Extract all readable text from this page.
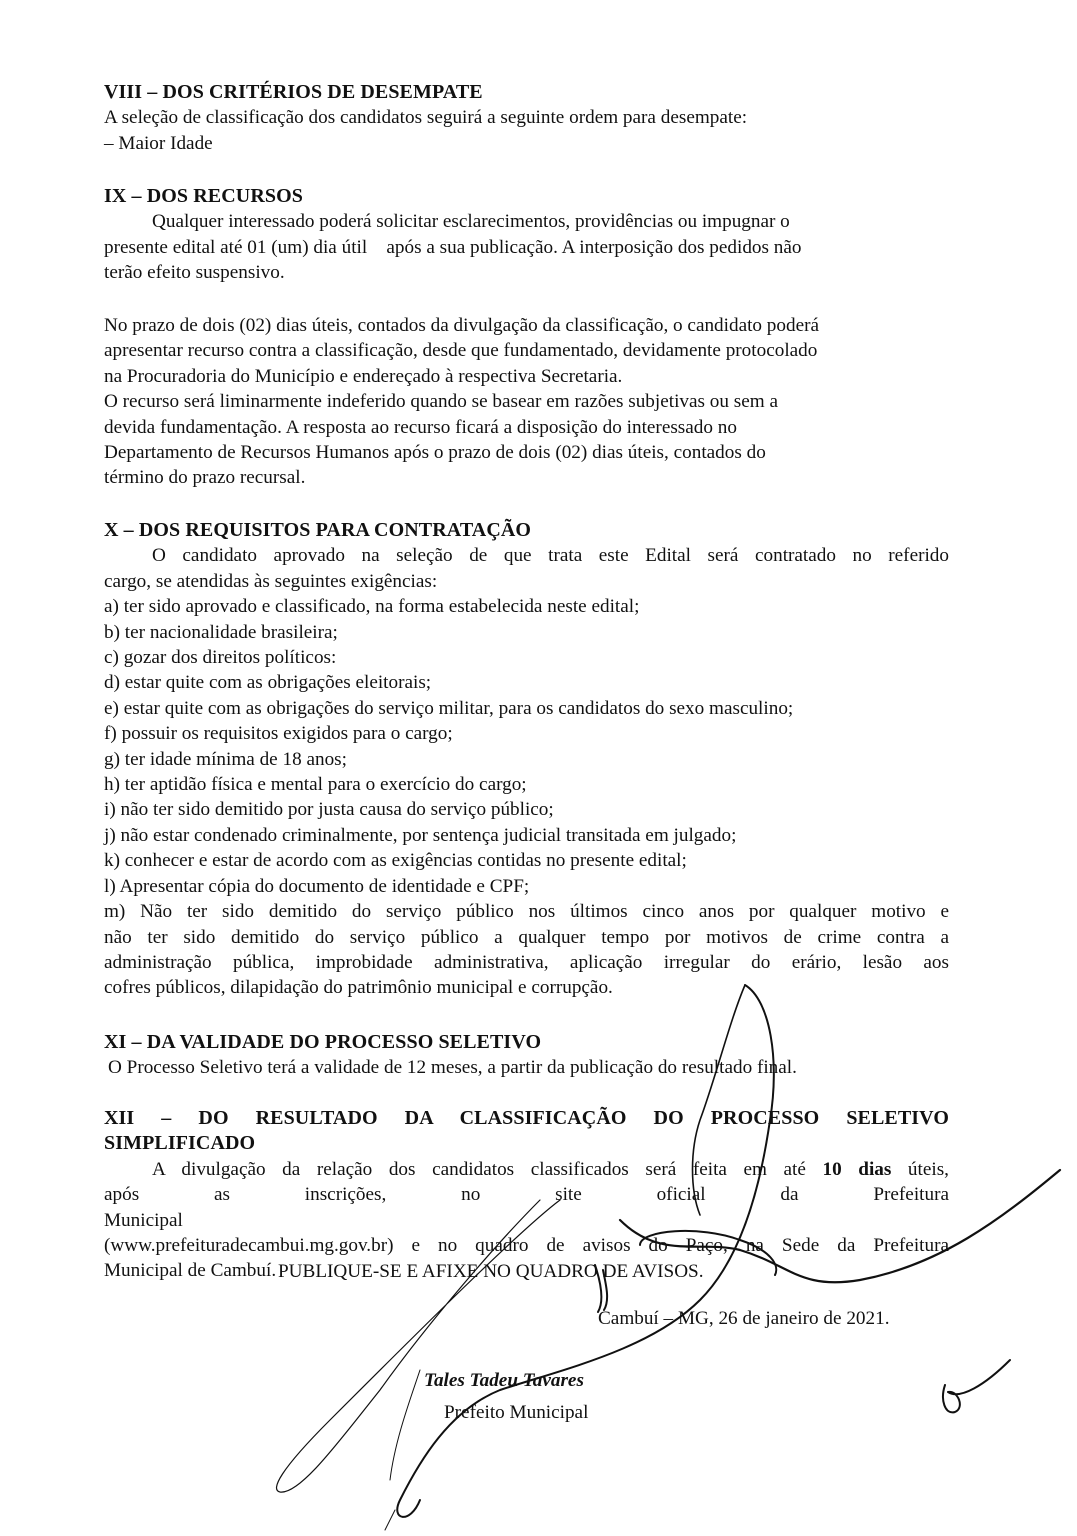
VIII – DOS CRITÉRIOS DE DESEMPATE
A seleção de classificação dos candidatos seguirá a seguinte ordem para desempate:
– Maior Idade
IX – DOS RECURSOS
Qualquer interessado poderá solicitar esclarecimentos, providências ou impugnar o
presente edital até 01 (um) dia útil    após a sua publicação. A interposição dos pedidos não
terão efeito suspensivo.
No prazo de dois (02) dias úteis, contados da divulgação da classificação, o candidato poderá
apresentar recurso contra a classificação, desde que fundamentado, devidamente protocolado
na Procuradoria do Município e endereçado à respectiva Secretaria.
O recurso será liminarmente indeferido quando se basear em razões subjetivas ou sem a
devida fundamentação. A resposta ao recurso ficará a disposição do interessado no
Departamento de Recursos Humanos após o prazo de dois (02) dias úteis, contados do
término do prazo recursal.
X – DOS REQUISITOS PARA CONTRATAÇÃO
O candidato aprovado na seleção de que trata este Edital será contratado no referido
cargo, se atendidas às seguintes exigências:
a) ter sido aprovado e classificado, na forma estabelecida neste edital;
b) ter nacionalidade brasileira;
c) gozar dos direitos políticos:
d) estar quite com as obrigações eleitorais;
e) estar quite com as obrigações do serviço militar, para os candidatos do sexo masculino;
f) possuir os requisitos exigidos para o cargo;
g) ter idade mínima de 18 anos;
h) ter aptidão física e mental para o exercício do cargo;
i) não ter sido demitido por justa causa do serviço público;
j) não estar condenado criminalmente, por sentença judicial transitada em julgado;
k) conhecer e estar de acordo com as exigências contidas no presente edital;
l) Apresentar cópia do documento de identidade e CPF;
m) Não ter sido demitido do serviço público nos últimos cinco anos por qualquer motivo e
não ter sido demitido do serviço público a qualquer tempo por motivos de crime contra a
administração pública, improbidade administrativa, aplicação irregular do erário, lesão aos
cofres públicos, dilapidação do patrimônio municipal e corrupção.
XI – DA VALIDADE DO PROCESSO SELETIVO
O Processo Seletivo terá a validade de 12 meses, a partir da publicação do resultado final.
XII – DO RESULTADO DA CLASSIFICAÇÃO DO PROCESSO SELETIVO
SIMPLIFICADO
A divulgação da relação dos candidatos classificados será feita em até 10 dias úteis,
após as inscrições, no site oficial da Prefeitura Municipal
(www.prefeituradecambui.mg.gov.br) e no quadro de avisos do Paço, na Sede da Prefeitura
Municipal de Cambuí. PUBLIQUE-SE E AFIXE NO QUADRO DE AVISOS.
Cambuí – MG, 26 de janeiro de 2021.
Tales Tadeu Tavares
Prefeito Municipal
